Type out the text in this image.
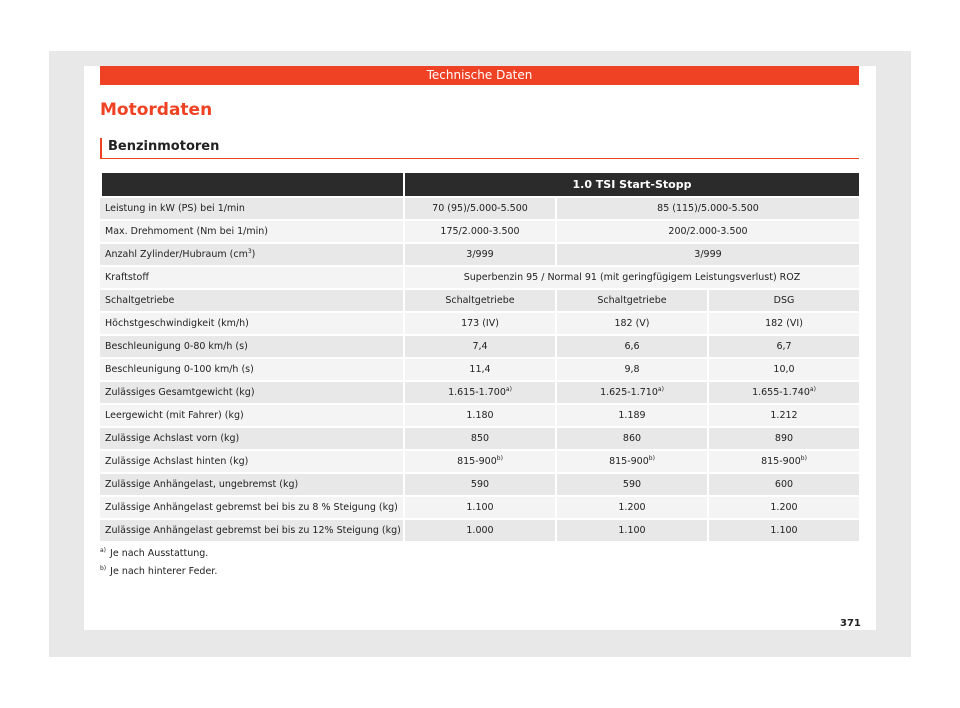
Technische Daten
Motordaten
Benzinmotoren
	1.0 TSI Start-Stopp		
Leistung in kW (PS) bei 1/min	70 (95)/5.000-5.500	85 (115)/5.000-5.500	
Max. Drehmoment (Nm bei 1/min)	175/2.000-3.500	200/2.000-3.500	
Anzahl Zylinder/Hubraum $(cm^3)$	3/999	3/999	
Kraftstoff	Superbenzin 95 / Normal 91 (mit geringfügigem Leistungsverlust) ROZ		
Schaltgetriebe	Schaltgetriebe	Schaltgetriebe	DSG
Höchstgeschwindigkeit (km/h)	173 (IV)	182 (V)	182 (VI)
Beschleunigung 0-80 km/h (s)	7,4	6,6	6,7
Beschleunigung 0-100 km/h (s)	11,4	9,8	10,0
Zulässiges Gesamtgewicht (kg)	1.615-1.700$^{a)}$	1.625-1.710$^{a)}$	1.655-1.740$^{a)}$
Leergewicht (mit Fahrer) (kg)	1.180	1.189	1.212
Zulässige Achslast vorn (kg)	850	860	890
Zulässige Achslast hinten (kg)	815-900$^{b)}$	815-900$^{b)}$	815-900$^{b)}$
Zulässige Anhängelast, ungebremst (kg)	590	590	600
Zulässige Anhängelast gebremst bei bis zu 8 % Steigung (kg)	1.100	1.200	1.200
Zulässige Anhängelast gebremst bei bis zu 12% Steigung (kg)	1.000	1.100	1.100
$^{a)}$ Je nach Ausstattung.
$^{b)}$ Je nach hinterer Feder.
371
